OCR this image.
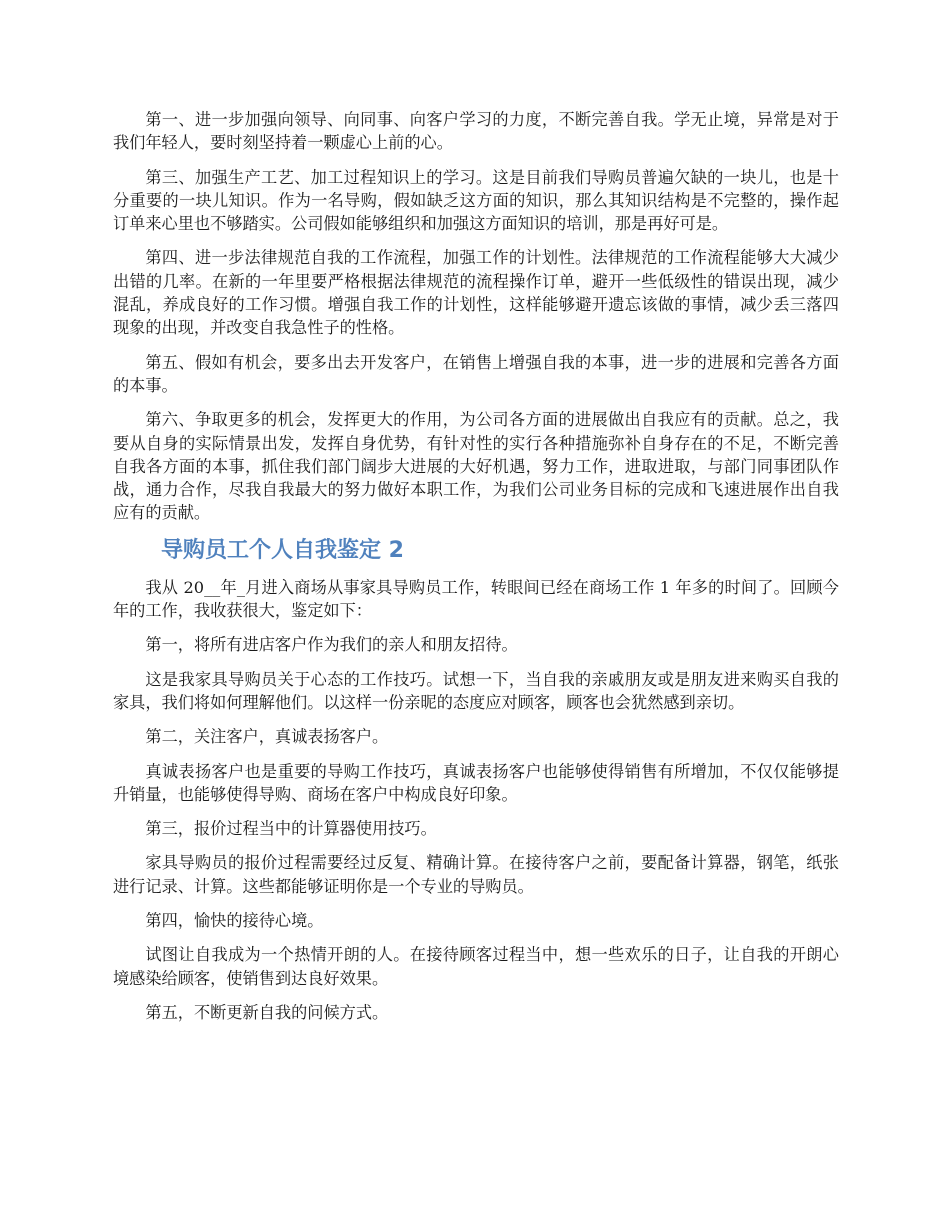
第一、进一步加强向领导、向同事、向客户学习的力度，不断完善自我。学无止境，异常是对于我们年轻人，要时刻坚持着一颗虚心上前的心。

第三、加强生产工艺、加工过程知识上的学习。这是目前我们导购员普遍欠缺的一块儿，也是十分重要的一块儿知识。作为一名导购，假如缺乏这方面的知识，那么其知识结构是不完整的，操作起订单来心里也不够踏实。公司假如能够组织和加强这方面知识的培训，那是再好可是。

第四、进一步法律规范自我的工作流程，加强工作的计划性。法律规范的工作流程能够大大减少出错的几率。在新的一年里要严格根据法律规范的流程操作订单，避开一些低级性的错误出现，减少混乱，养成良好的工作习惯。增强自我工作的计划性，这样能够避开遗忘该做的事情，减少丢三落四现象的出现，并改变自我急性子的性格。

第五、假如有机会，要多出去开发客户，在销售上增强自我的本事，进一步的进展和完善各方面的本事。

第六、争取更多的机会，发挥更大的作用，为公司各方面的进展做出自我应有的贡献。总之，我要从自身的实际情景出发，发挥自身优势，有针对性的实行各种措施弥补自身存在的不足，不断完善自我各方面的本事，抓住我们部门阔步大进展的大好机遇，努力工作，进取进取，与部门同事团队作战，通力合作，尽我自我最大的努力做好本职工作，为我们公司业务目标的完成和飞速进展作出自我应有的贡献。

导购员工个人自我鉴定 2

我从 20__年_月进入商场从事家具导购员工作，转眼间已经在商场工作 1 年多的时间了。回顾今年的工作，我收获很大，鉴定如下：

第一，将所有进店客户作为我们的亲人和朋友招待。

这是我家具导购员关于心态的工作技巧。试想一下，当自我的亲戚朋友或是朋友进来购买自我的家具，我们将如何理解他们。以这样一份亲昵的态度应对顾客，顾客也会犹然感到亲切。

第二，关注客户，真诚表扬客户。

真诚表扬客户也是重要的导购工作技巧，真诚表扬客户也能够使得销售有所增加，不仅仅能够提升销量，也能够使得导购、商场在客户中构成良好印象。

第三，报价过程当中的计算器使用技巧。

家具导购员的报价过程需要经过反复、精确计算。在接待客户之前，要配备计算器，钢笔，纸张进行记录、计算。这些都能够证明你是一个专业的导购员。

第四，愉快的接待心境。

试图让自我成为一个热情开朗的人。在接待顾客过程当中，想一些欢乐的日子，让自我的开朗心境感染给顾客，使销售到达良好效果。

第五，不断更新自我的问候方式。
